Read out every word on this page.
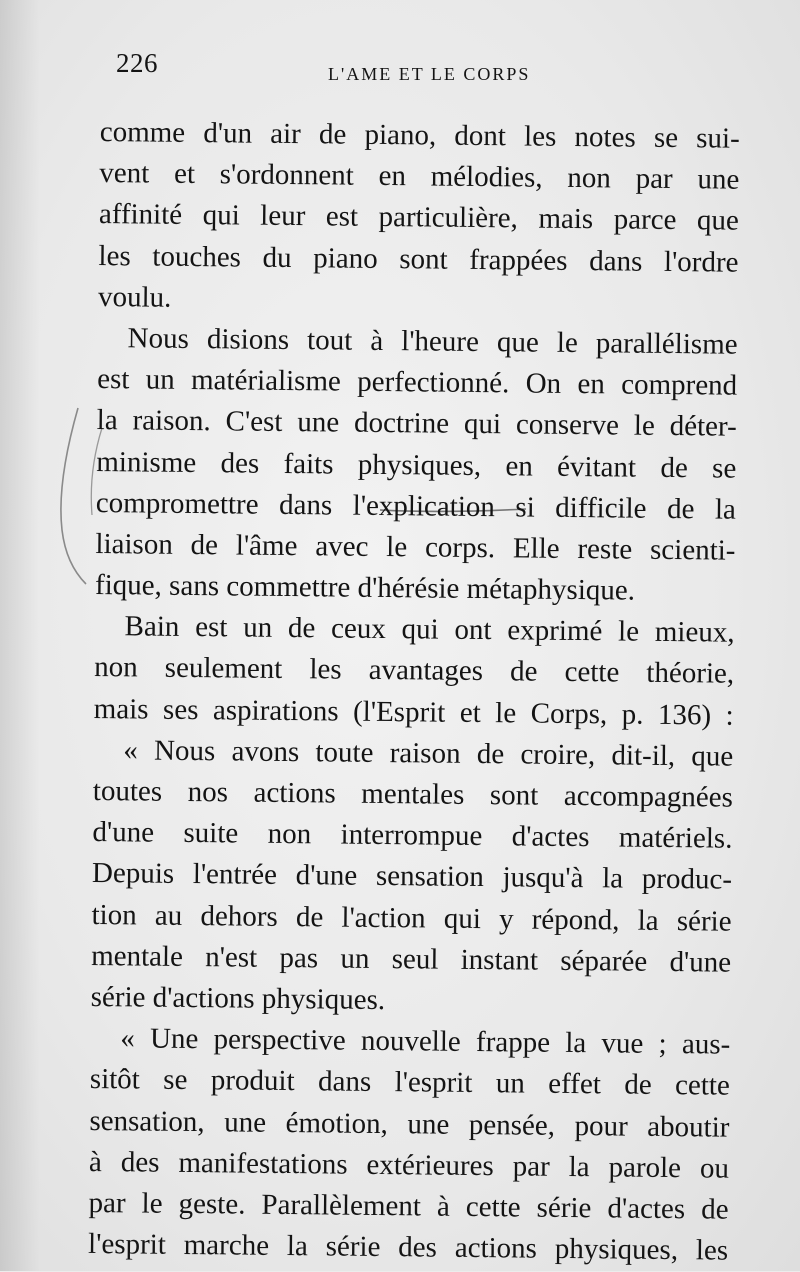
226	L'AME ET LE CORPS
comme d'un air de piano, dont les notes se sui-
vent et s'ordonnent en mélodies, non par une
affinité qui leur est particulière, mais parce que
les touches du piano sont frappées dans l'ordre
voulu.
Nous disions tout à l'heure que le parallélisme
est un matérialisme perfectionné. On en comprend
la raison. C'est une doctrine qui conserve le déter-
minisme des faits physiques, en évitant de se
compromettre dans l'explication si difficile de la
liaison de l'âme avec le corps. Elle reste scienti-
fique, sans commettre d'hérésie métaphysique.
Bain est un de ceux qui ont exprimé le mieux,
non seulement les avantages de cette théorie,
mais ses aspirations (l'Esprit et le Corps, p. 136) :
« Nous avons toute raison de croire, dit-il, que
toutes nos actions mentales sont accompagnées
d'une suite non interrompue d'actes matériels.
Depuis l'entrée d'une sensation jusqu'à la produc-
tion au dehors de l'action qui y répond, la série
mentale n'est pas un seul instant séparée d'une
série d'actions physiques.
« Une perspective nouvelle frappe la vue ; aus-
sitôt se produit dans l'esprit un effet de cette
sensation, une émotion, une pensée, pour aboutir
à des manifestations extérieures par la parole ou
par le geste. Parallèlement à cette série d'actes de
l'esprit marche la série des actions physiques, les
